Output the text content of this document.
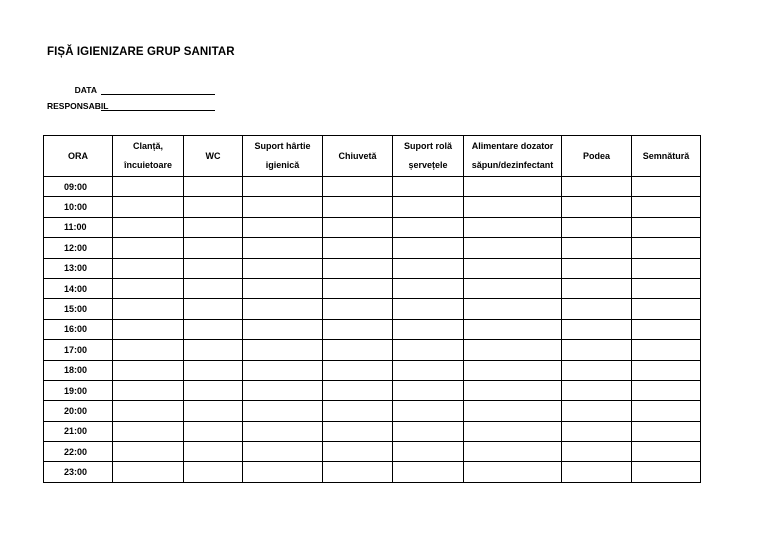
FIȘĂ IGIENIZARE GRUP SANITAR
DATA
RESPONSABIL
ORA	Clanță, încuietoare	WC	Suport hârtie igienică	Chiuvetă	Suport rolă șervețele	Alimentare dozator săpun/dezinfectant	Podea	Semnătură
09:00								
10:00								
11:00								
12:00								
13:00								
14:00								
15:00								
16:00								
17:00								
18:00								
19:00								
20:00								
21:00								
22:00								
23:00								
